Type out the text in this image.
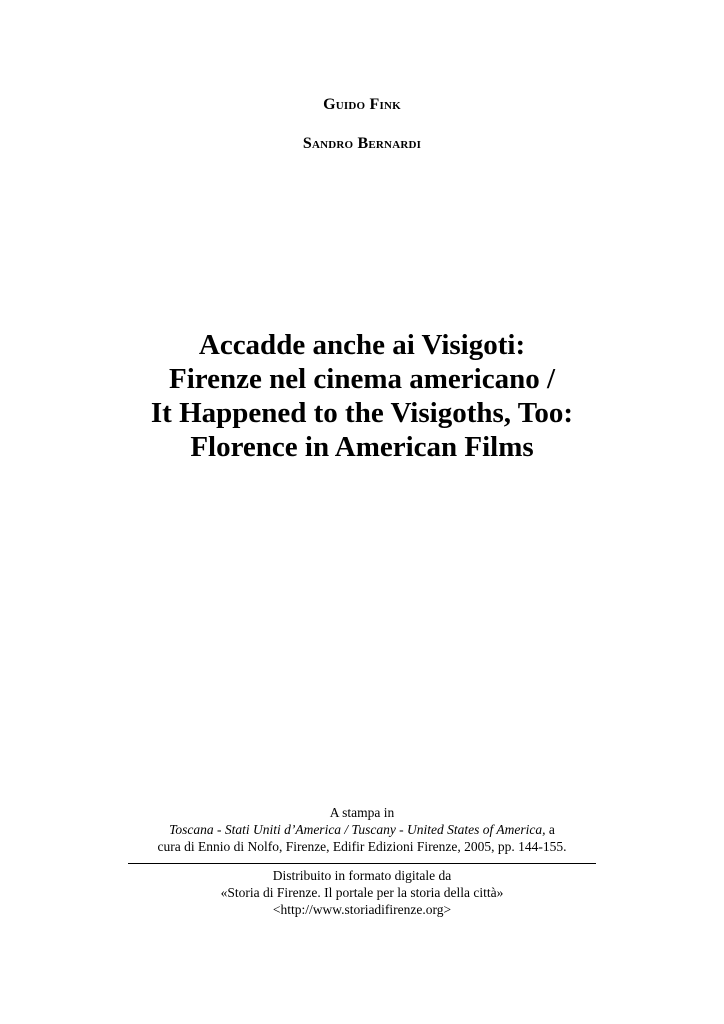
Guido Fink
Sandro Bernardi
Accadde anche ai Visigoti:
Firenze nel cinema americano /
It Happened to the Visigoths, Too:
Florence in American Films
A stampa in
Toscana - Stati Uniti d’America / Tuscany - United States of America, a
cura di Ennio di Nolfo, Firenze, Edifir Edizioni Firenze, 2005, pp. 144-155.
Distribuito in formato digitale da
«Storia di Firenze. Il portale per la storia della città»
<http://www.storiadifirenze.org>
